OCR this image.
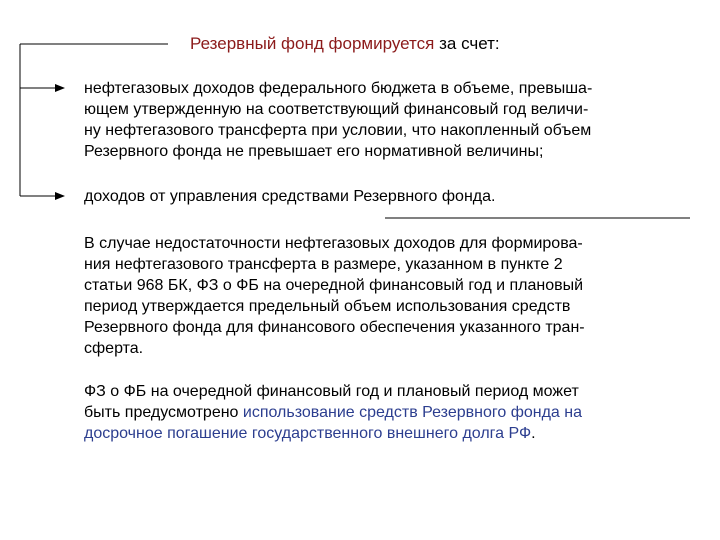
Резервный фонд формируется за счет:

нефтегазовых доходов федерального бюджета в объеме, превыша-
ющем утвержденную на соответствующий финансовый год величи-
ну нефтегазового трансферта при условии, что накопленный объем
Резервного фонда не превышает его нормативной величины;

доходов от управления средствами Резервного фонда.

В случае недостаточности нефтегазовых доходов для формирова-
ния нефтегазового трансферта в размере, указанном в пункте 2
статьи 968 БК, ФЗ о ФБ на очередной финансовый год и плановый
период утверждается предельный объем использования средств
Резервного фонда для финансового обеспечения указанного тран-
сферта.

ФЗ о ФБ на очередной финансовый год и плановый период может
быть предусмотрено использование средств Резервного фонда на
досрочное погашение государственного внешнего долга РФ.
